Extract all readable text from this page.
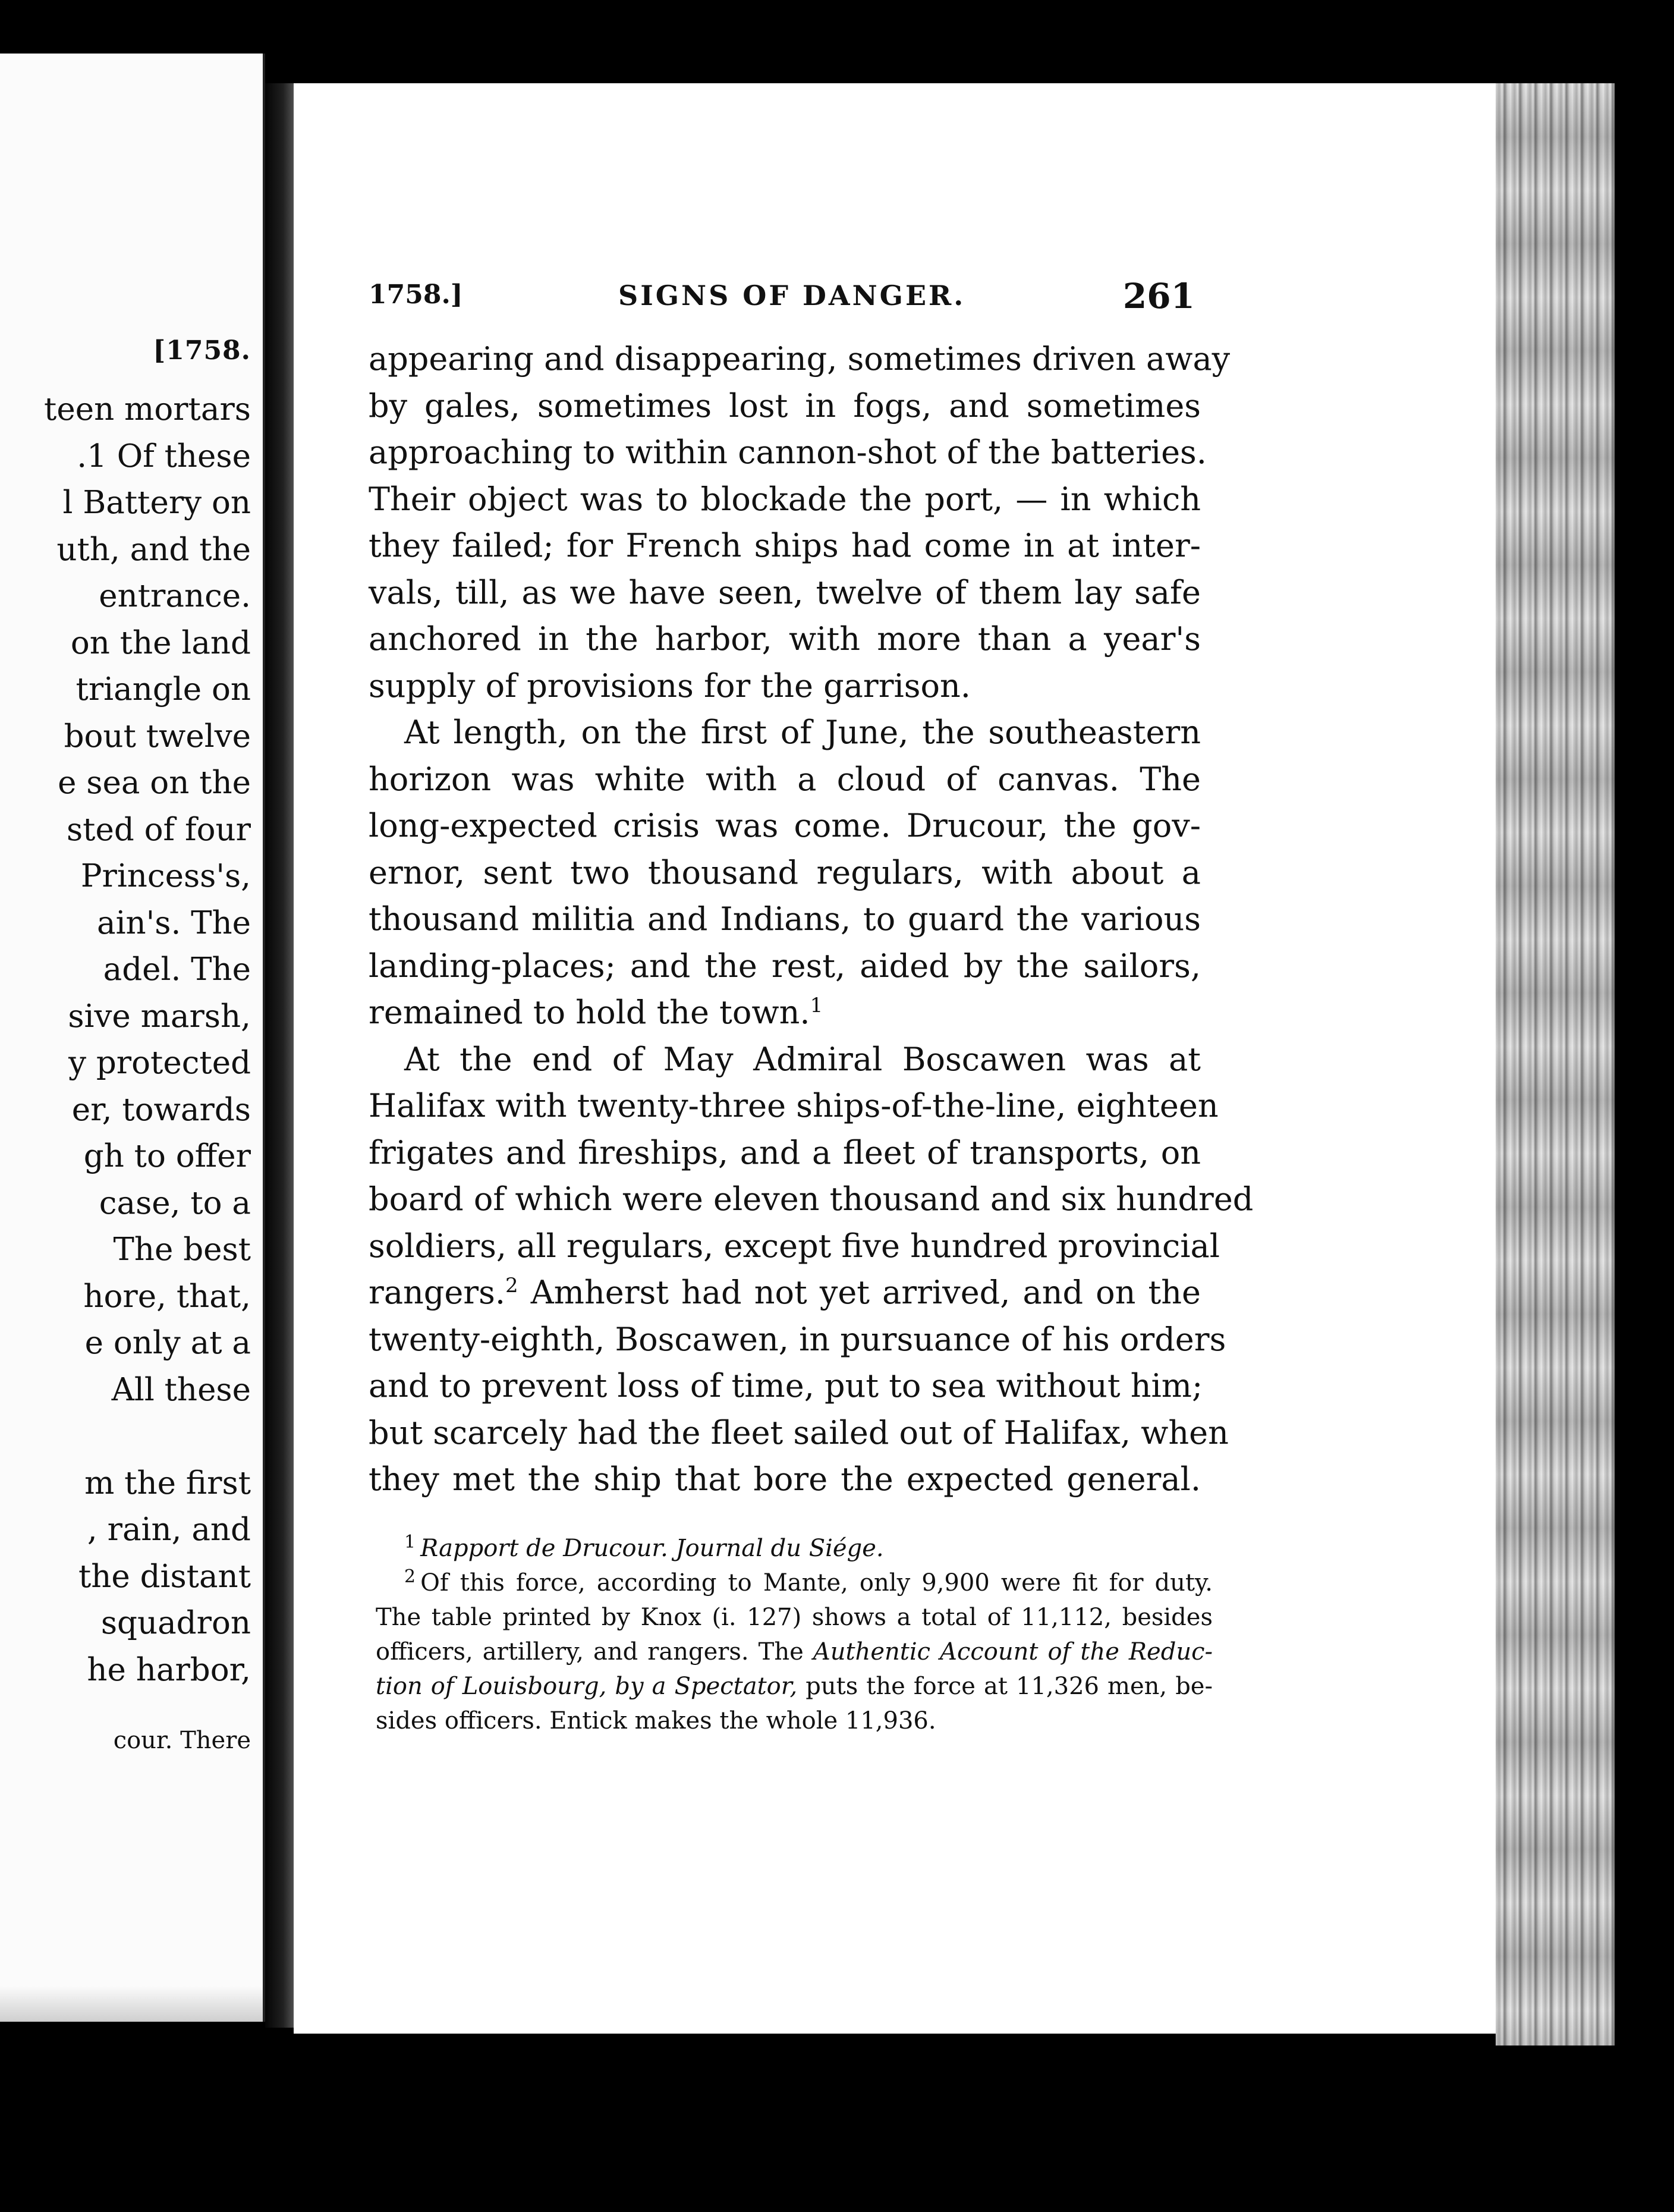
[1758.
teen mortars
.1 Of these
l Battery on
uth, and the
entrance.
on the land
triangle on
bout twelve
e sea on the
sted of four
Princess's,
ain's. The
adel. The
sive marsh,
y protected
er, towards
gh to offer
case, to a
The best
hore, that,
e only at a
All these
m the first
, rain, and
the distant
squadron
he harbor,
cour. There
1758.]	SIGNS OF DANGER.	261
appearing and disappearing, sometimes driven away
by gales, sometimes lost in fogs, and sometimes
approaching to within cannon-shot of the batteries.
Their object was to blockade the port, — in which
they failed; for French ships had come in at inter-
vals, till, as we have seen, twelve of them lay safe
anchored in the harbor, with more than a year's
supply of provisions for the garrison.
At length, on the first of June, the southeastern
horizon was white with a cloud of canvas. The
long-expected crisis was come. Drucour, the gov-
ernor, sent two thousand regulars, with about a
thousand militia and Indians, to guard the various
landing-places; and the rest, aided by the sailors,
remained to hold the town.$^1$
At the end of May Admiral Boscawen was at
Halifax with twenty-three ships-of-the-line, eighteen
frigates and fireships, and a fleet of transports, on
board of which were eleven thousand and six hundred
soldiers, all regulars, except five hundred provincial
rangers.$^2$ Amherst had not yet arrived, and on the
twenty-eighth, Boscawen, in pursuance of his orders
and to prevent loss of time, put to sea without him;
but scarcely had the fleet sailed out of Halifax, when
they met the ship that bore the expected general.
$^1$ Rapport de Drucour. Journal du Siége.
$^2$ Of this force, according to Mante, only 9,900 were fit for duty.
The table printed by Knox (i. 127) shows a total of 11,112, besides
officers, artillery, and rangers. The Authentic Account of the Reduc-
tion of Louisbourg, by a Spectator, puts the force at 11,326 men, be-
sides officers. Entick makes the whole 11,936.
